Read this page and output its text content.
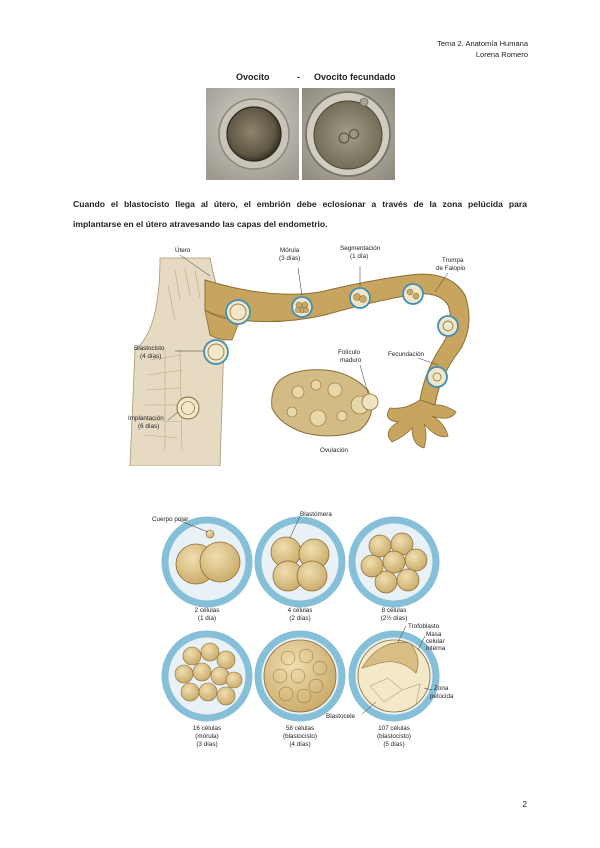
Tema 2. Anatomía Humana
Lorena Romero
Ovocito	- Ovocito fecundado
Cuando el blastocisto llega al útero, el embrión debe eclosionar a través de la zona pelúcida para
implantarse en el útero atravesando las capas del endometrio.
Útero	Mórula
(3 días)
Segmentación
(1 día)
Trompa
de Falopio
Blastocisto
(4 días)
Folículo
maduro
Fecundación
Implantación
(6 días)
Ovulación
Cuerpo polar
Blastómera
Trofoblasto
Masa
celular
interna
Zona
pelúcida
Blastocele
2 células
(1 día)
4 células
(2 días)
8 células
(2½ días)
16 células
(mórula)
(3 días)
58 células
(blastocisto)
(4 días)
107 células
(blastocisto)
(5 días)
2
